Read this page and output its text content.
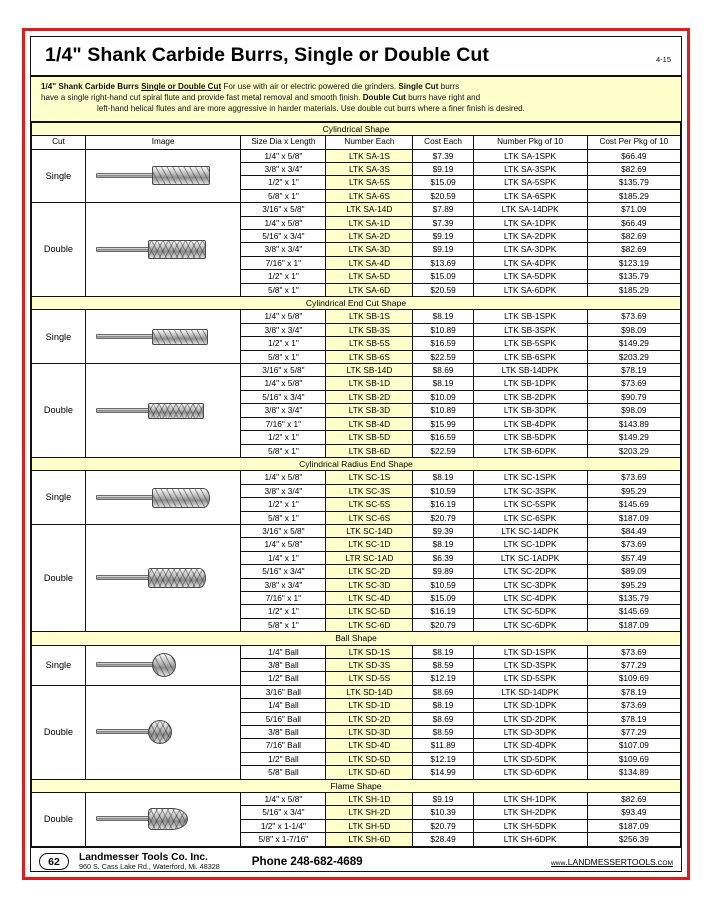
1/4" Shank Carbide Burrs, Single or Double Cut	4-15
1/4" Shank Carbide Burrs Single or Double Cut For use with air or electric powered die grinders. Single Cut burrs
have a single right-hand cut spiral flute and provide fast metal removal and smooth finish. Double Cut burrs have right and
left-hand helical flutes and are more aggressive in harder materials. Use double cut burrs where a finer finish is desired.
Cylindrical Shape						
Cut	Image	Size Dia x Length	Number Each	Cost Each	Number Pkg of 10	Cost Per Pkg of 10
Single		1/4" x 5/8"	LTK SA-1S	$7.39	LTK SA-1SPK	$66.49
		3/8" x 3/4"	LTK SA-3S	$9.19	LTK SA-3SPK	$82.69
		1/2" x 1"	LTK SA-5S	$15.09	LTK SA-5SPK	$135.79
		5/8" x 1"	LTK SA-6S	$20.59	LTK SA-6SPK	$185.29
Double		3/16" x 5/8"	LTK SA-14D	$7.89	LTK SA-14DPK	$71.09
		1/4" x 5/8"	LTK SA-1D	$7.39	LTK SA-1DPK	$66.49
		5/16" x 3/4"	LTK SA-2D	$9.19	LTK SA-2DPK	$82.69
		3/8" x 3/4"	LTK SA-3D	$9.19	LTK SA-3DPK	$82.69
		7/16" x 1"	LTK SA-4D	$13.69	LTK SA-4DPK	$123.19
		1/2" x 1"	LTK SA-5D	$15.09	LTK SA-5DPK	$135.79
		5/8" x 1"	LTK SA-6D	$20.59	LTK SA-6DPK	$185.29
Cylindrical End Cut Shape						
Single		1/4" x 5/8"	LTK SB-1S	$8.19	LTK SB-1SPK	$73.69
		3/8" x 3/4"	LTK SB-3S	$10.89	LTK SB-3SPK	$98.09
		1/2" x 1"	LTK SB-5S	$16.59	LTK SB-5SPK	$149.29
		5/8" x 1"	LTK SB-6S	$22.59	LTK SB-6SPK	$203.29
Double		3/16" x 5/8"	LTK SB-14D	$8.69	LTK SB-14DPK	$78.19
		1/4" x 5/8"	LTK SB-1D	$8.19	LTK SB-1DPK	$73.69
		5/16" x 3/4"	LTK SB-2D	$10.09	LTK SB-2DPK	$90.79
		3/8" x 3/4"	LTK SB-3D	$10.89	LTK SB-3DPK	$98.09
		7/16" x 1"	LTK SB-4D	$15.99	LTK SB-4DPK	$143.89
		1/2" x 1"	LTK SB-5D	$16.59	LTK SB-5DPK	$149.29
		5/8" x 1"	LTK SB-6D	$22.59	LTK SB-6DPK	$203.29
Cylindrical Radius End Shape						
Single		1/4" x 5/8"	LTK SC-1S	$8.19	LTK SC-1SPK	$73.69
		3/8" x 3/4"	LTK SC-3S	$10.59	LTK SC-3SPK	$95.29
		1/2" x 1"	LTK SC-5S	$16.19	LTK SC-5SPK	$145.69
		5/8" x 1"	LTK SC-6S	$20.79	LTK SC-6SPK	$187.09
Double		3/16" x 5/8"	LTK SC-14D	$9.39	LTK SC-14DPK	$84.49
		1/4" x 5/8"	LTK SC-1D	$8.19	LTK SC-1DPK	$73.69
		1/4" x 1"	LTR SC-1AD	$6.39	LTK SC-1ADPK	$57.49
		5/16" x 3/4"	LTK SC-2D	$9.89	LTK SC-2DPK	$89.09
		3/8" x 3/4"	LTK SC-3D	$10.59	LTK SC-3DPK	$95.29
		7/16" x 1"	LTK SC-4D	$15.09	LTK SC-4DPK	$135.79
		1/2" x 1"	LTK SC-5D	$16.19	LTK SC-5DPK	$145.69
		5/8" x 1"	LTK SC-6D	$20.79	LTK SC-6DPK	$187.09
Ball Shape						
Single		1/4" Ball	LTK SD-1S	$8.19	LTK SD-1SPK	$73.69
		3/8" Ball	LTK SD-3S	$8.59	LTK SD-3SPK	$77.29
		1/2" Ball	LTK SD-5S	$12.19	LTK SD-5SPK	$109.69
Double		3/16" Ball	LTK SD-14D	$8.69	LTK SD-14DPK	$78.19
		1/4" Ball	LTK SD-1D	$8.19	LTK SD-1DPK	$73.69
		5/16" Ball	LTK SD-2D	$8.69	LTK SD-2DPK	$78.19
		3/8" Ball	LTK SD-3D	$8.59	LTK SD-3DPK	$77.29
		7/16" Ball	LTK SD-4D	$11.89	LTK SD-4DPK	$107.09
		1/2" Ball	LTK SD-5D	$12.19	LTK SD-5DPK	$109.69
		5/8" Ball	LTK SD-6D	$14.99	LTK SD-6DPK	$134.89
Flame Shape						
Double		1/4" x 5/8"	LTK SH-1D	$9.19	LTK SH-1DPK	$82.69
		5/16" x 3/4"	LTK SH-2D	$10.39	LTK SH-2DPK	$93.49
		1/2" x 1-1/4"	LTK SH-5D	$20.79	LTK SH-5DPK	$187.09
		5/8" x 1-7/16"	LTK SH-6D	$28.49	LTK SH-6DPK	$256.39
62	Landmesser Tools Co. Inc.
960 S. Cass Lake Rd., Waterford, Mi. 48328	Phone 248-682-4689	www.LANDMESSERTOOLS.COM
